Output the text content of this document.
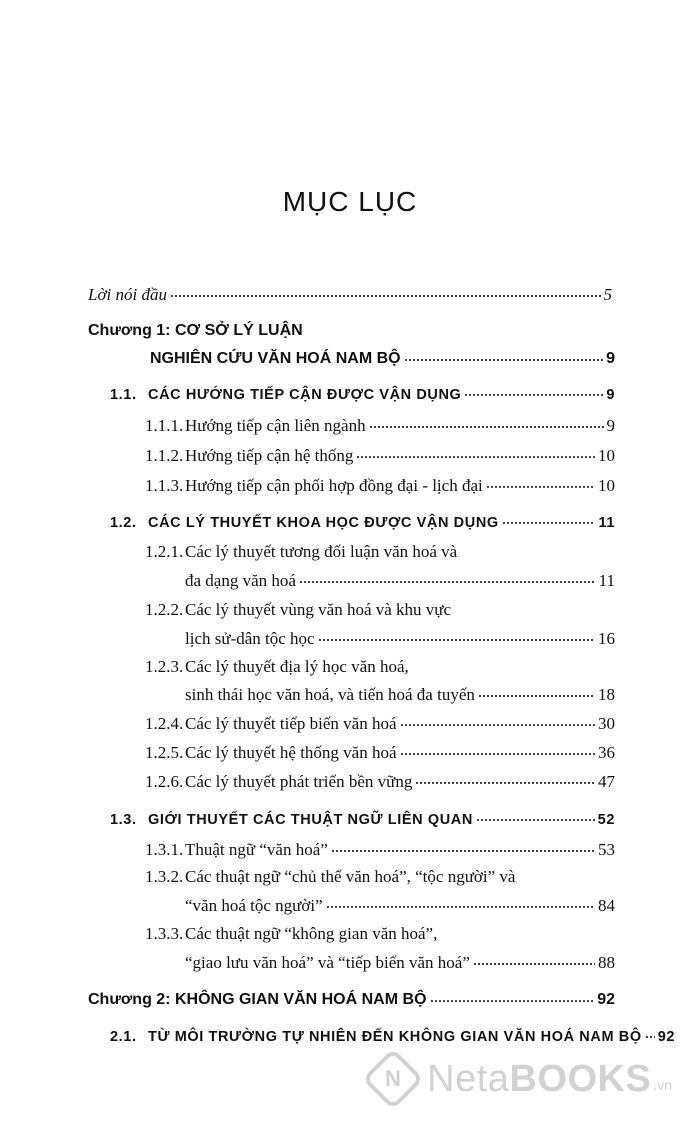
MỤC LỤC
Lời nói đầu	5
Chương 1: CƠ SỞ LÝ LUẬN
NGHIÊN CỨU VĂN HOÁ NAM BỘ	9
1.1. CÁC HƯỚNG TIẾP CẬN ĐƯỢC VẬN DỤNG	9
1.1.1. Hướng tiếp cận liên ngành	9
1.1.2. Hướng tiếp cận hệ thống	10
1.1.3. Hướng tiếp cận phối hợp đồng đại - lịch đại	10
1.2. CÁC LÝ THUYẾT KHOA HỌC ĐƯỢC VẬN DỤNG	11
1.2.1. Các lý thuyết tương đối luận văn hoá và
đa dạng văn hoá	11
1.2.2. Các lý thuyết vùng văn hoá và khu vực
lịch sử-dân tộc học	16
1.2.3. Các lý thuyết địa lý học văn hoá,
sinh thái học văn hoá, và tiến hoá đa tuyến	18
1.2.4. Các lý thuyết tiếp biến văn hoá	30
1.2.5. Các lý thuyết hệ thống văn hoá	36
1.2.6. Các lý thuyết phát triển bền vững	47
1.3. GIỚI THUYẾT CÁC THUẬT NGỮ LIÊN QUAN	52
1.3.1. Thuật ngữ “văn hoá”	53
1.3.2. Các thuật ngữ “chủ thể văn hoá”, “tộc người” và
“văn hoá tộc người”	84
1.3.3. Các thuật ngữ “không gian văn hoá”,
“giao lưu văn hoá” và “tiếp biến văn hoá”	88
Chương 2: KHÔNG GIAN VĂN HOÁ NAM BỘ	92
2.1. TỪ MÔI TRƯỜNG TỰ NHIÊN ĐẾN KHÔNG GIAN VĂN HOÁ NAM BỘ 92
N NetaBOOKS .vn
